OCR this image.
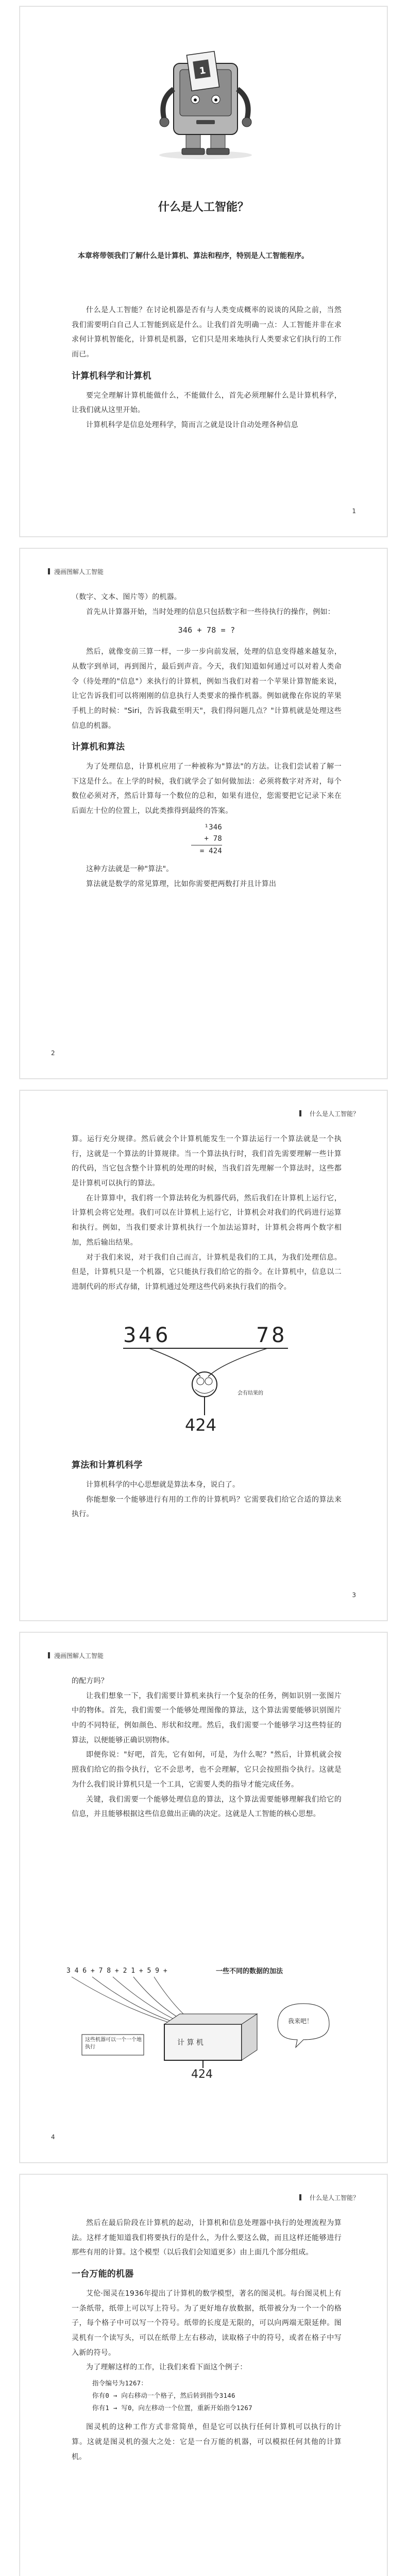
1
什么是人工智能？
本章将带领我们了解什么是计算机、算法和程序，特别是人工智能程序。

什么是人工智能？在讨论机器是否有与人类变成概率的说谈的风险之前，当然我们需要明白自己人工智能到底是什么。让我们首先明确一点：人工智能并非在求求何计算机智能化，计算机是机器，它们只是用来地执行人类要求它们执行的工作而已。

计算机科学和计算机

要完全理解计算机能做什么，不能做什么，首先必须理解什么是计算机科学，让我们就从这里开始。

计算机科学是信息处理科学，简而言之就是设计自动处理各种信息

1
漫画图解人工智能

（数字、文本、图片等）的机器。

首先从计算器开始，当时处理的信息只包括数字和一些待执行的操作，例如：

346 + 78 = ?

然后，就像变前三算一样，一步一步向前发展，处理的信息变得越来越复杂，从数字到单词，再到图片，最后到声音。今天，我们知道如何通过可以对着人类命令（待处理的"信息"）来执行的计算机，例如当我们对着一个苹果计算智能来说，让它告诉我们可以将刚刚的信息执行人类要求的操作机器。例如就像在你说的苹果手机上的时候："Siri，告诉我截至明天"，我们得问题几点？"计算机就是处理这些信息的机器。

计算机和算法

为了处理信息，计算机应用了一种被称为"算法"的方法。让我们尝试着了解一下这是什么。在上学的时候，我们就学会了如何做加法：必须将数字对齐对，每个数位必须对齐，然后计算每一个数位的总和，如果有进位，您需要把它记录下来在后面左十位的位置上，以此类推得到最终的答案。

¹346
+ 78
= 424

这种方法就是一种"算法"。

算法就是数学的常见算理，比如你需要把两数打并且计算出

2
什么是人工智能？

算。运行充分规律。然后就会个计算机能发生一个算法运行一个算法就是一个执行，这就是一个算法的计算规律。当一个算法执行时，我们首先需要理解一些计算的代码，当它包含整个计算机的处理的时候，当我们首先理解一个算法时，这些都是计算机可以执行的算法。

在计算算中，我们将一个算法转化为机器代码，然后我们在计算机上运行它，计算机会将它处理。我们可以在计算机上运行它，计算机会对我们的代码进行运算和执行。例如，当我们要求计算机执行一个加法运算时，计算机会将两个数字相加，然后输出结果。

对于我们来说，对于我们自己而言，计算机是我们的工具，为我们处理信息。但是，计算机只是一个机器，它只能执行我们给它的指令。在计算机中，信息以二进制代码的形式存储，计算机通过处理这些代码来执行我们的指令。

3 4 6	7 8
424
会有结果的
算法和计算机科学

计算机科学的中心思想就是算法本身，说白了。

你能想象一个能够进行有用的工作的计算机吗？它需要我们给它合适的算法来执行。

3
漫画图解人工智能

的配方吗？

让我们想象一下，我们需要计算机来执行一个复杂的任务，例如识别一张图片中的物体。首先，我们需要一个能够处理图像的算法，这个算法需要能够识别图片中的不同特征，例如颜色、形状和纹理。然后，我们需要一个能够学习这些特征的算法，以便能够正确识别物体。

即便你说："好吧，首先，它有如何，可是，为什么呢？"然后，计算机就会按照我们给它的指令执行，它不会思考，也不会理解，它只会按照指令执行。这就是为什么我们说计算机只是一个工具，它需要人类的指导才能完成任务。

关键，我们需要一个能够处理信息的算法，这个算法需要能够理解我们给它的信息，并且能够根据这些信息做出正确的决定。这就是人工智能的核心思想。

3 4 6 + 7 8 + 2 1 + 5 9 +	一些不同的数据的加法
这些机器可以一个一个地执行
计 算 机
我来吧！
424
4
什么是人工智能？

然后在最后阶段在计算机的起动，计算机和信息处理器中执行的处理流程为算法。这样才能知道我们将要执行的是什么，为什么要这么做，而且这样还能够进行那些有用的计算。这个模型（以后我们会知道更多）由上面几个部分组成。

一台万能的机器

艾伦·图灵在1936年提出了计算机的数学模型，著名的图灵机。每台图灵机上有一条纸带，纸带上可以写上符号。为了更好地存放数据，纸带被分为一个一个的格子，每个格子中可以写一个符号。纸带的长度是无限的，可以向两端无限延伸。图灵机有一个读写头，可以在纸带上左右移动，读取格子中的符号，或者在格子中写入新的符号。

为了理解这样的工作，让我们来看下面这个例子：

指令编号为1267：
你有0 → 向右移动一个格子，然后转到指令3146
你有1 → 写0，向左移动一个位置，重新开始指令1267

图灵机的这种工作方式非常简单，但是它可以执行任何计算机可以执行的计算。这就是图灵机的强大之处：它是一台万能的机器，可以模拟任何其他的计算机。
